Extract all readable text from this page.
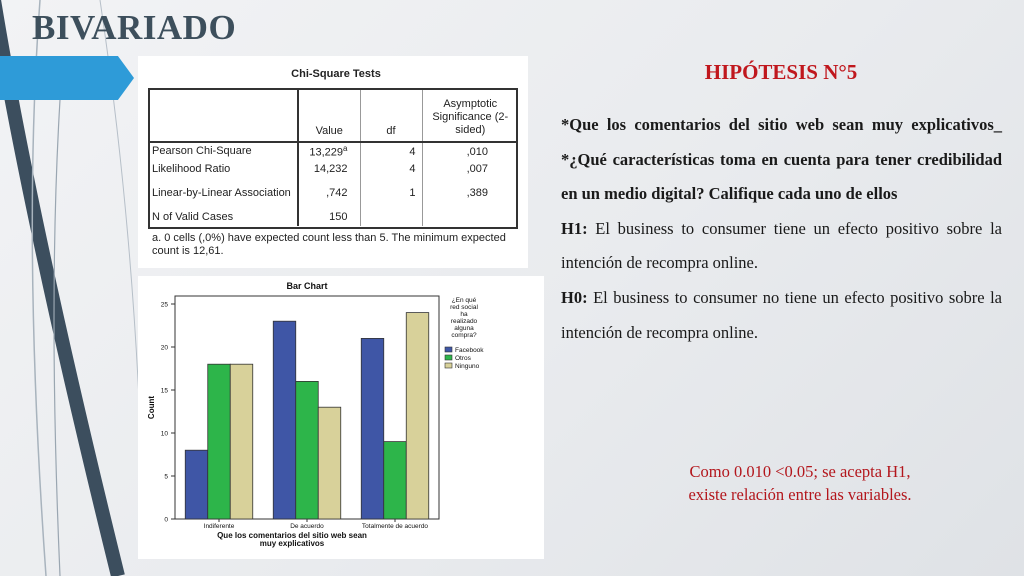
BIVARIADO
Chi-Square Tests
	Value	df	Asymptotic Significance (2-sided)
Pearson Chi-Square	13,229$^a$	4	,010
Likelihood Ratio	14,232	4	,007
Linear-by-Linear Association	,742	1	,389
N of Valid Cases	150		
a. 0 cells (,0%) have expected count less than 5. The minimum expected count is 12,61.
Bar Chart
0
5
10
15
20
25
Count
Indiferente	De acuerdo	Totalmente de acuerdo
Que los comentarios del sitio web sean muy explicativos
¿En qué red social ha realizado alguna compra?
Facebook
Otros
Ninguno
HIPÓTESIS N°5

*Que los comentarios del sitio web sean muy explicativos_ *¿Qué características toma en cuenta para tener credibilidad en un medio digital? Califique cada uno de ellos

H1: El business to consumer tiene un efecto positivo sobre la intención de recompra online.

H0: El business to consumer no tiene un efecto positivo sobre la intención de recompra online.

Como 0.010 <0.05; se acepta H1, existe relación entre las variables.
